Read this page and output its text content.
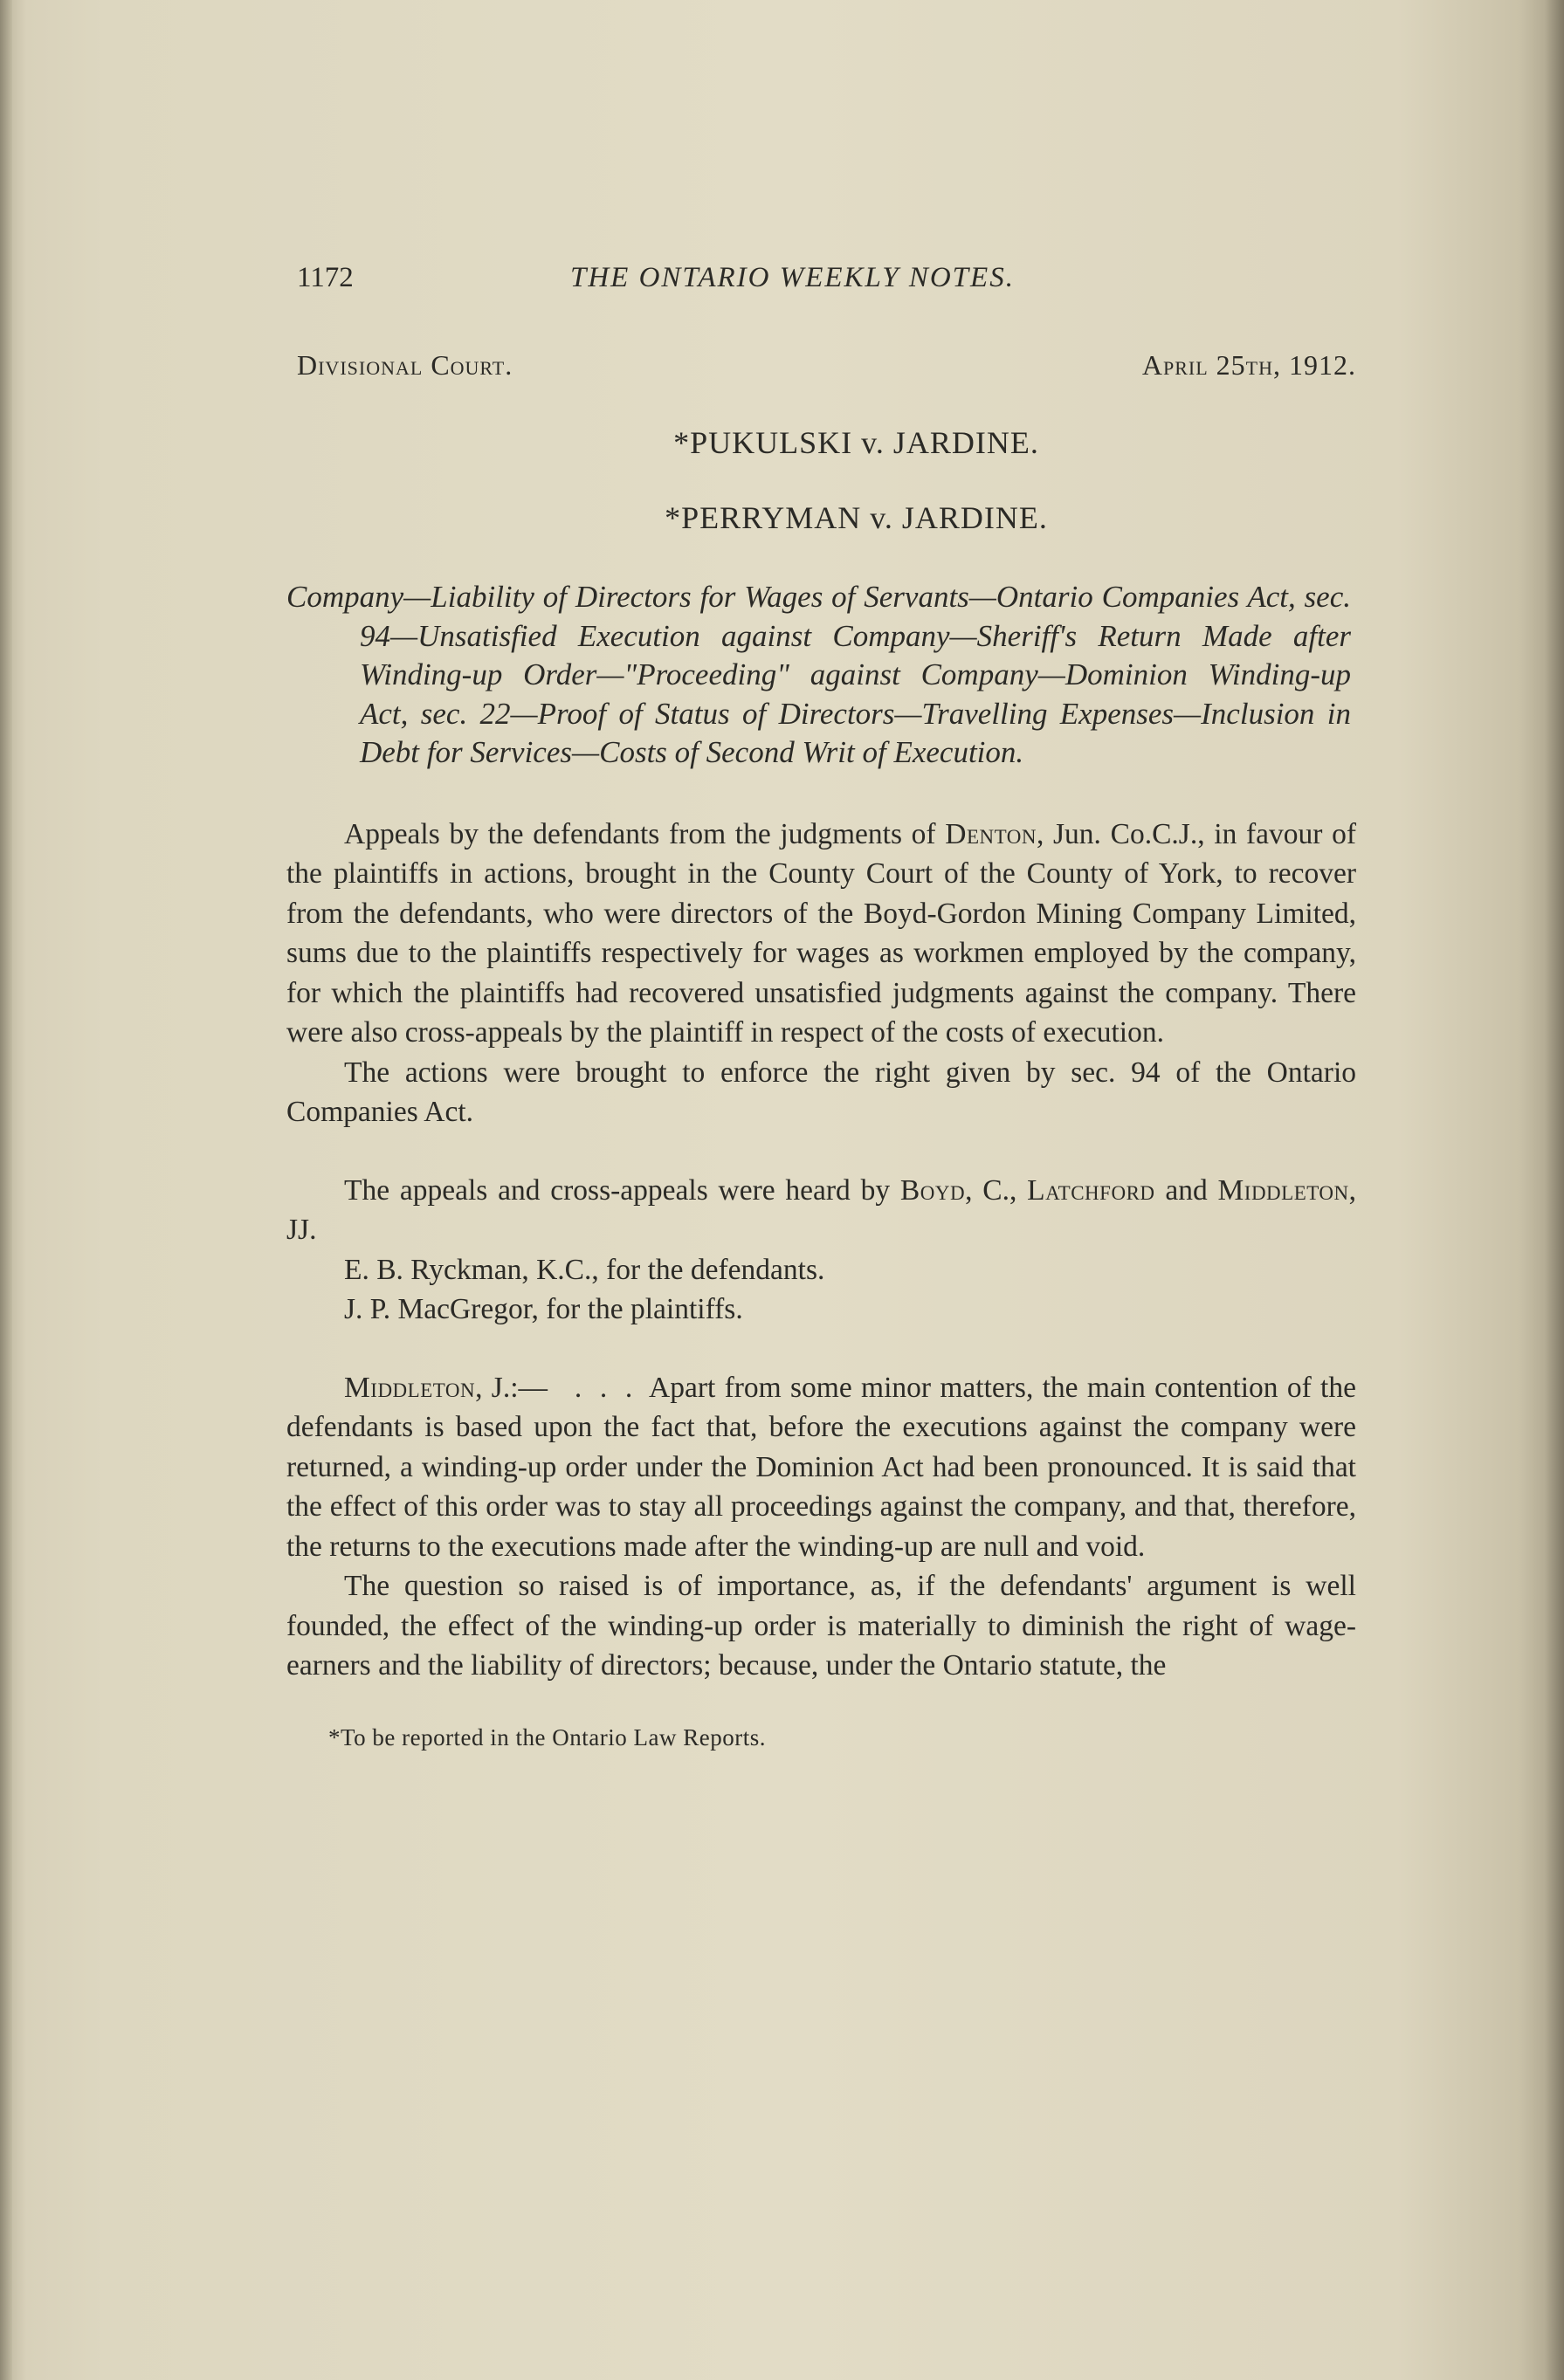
1172	THE ONTARIO WEEKLY NOTES.
Divisional Court.	April 25th, 1912.
*PUKULSKI v. JARDINE.
*PERRYMAN v. JARDINE.
Company—Liability of Directors for Wages of Servants—Ontario Companies Act, sec. 94—Unsatisfied Execution against Company—Sheriff's Return Made after Winding-up Order—"Proceeding" against Company—Dominion Winding-up Act, sec. 22—Proof of Status of Directors—Travelling Expenses—Inclusion in Debt for Services—Costs of Second Writ of Execution.

Appeals by the defendants from the judgments of Denton, Jun. Co.C.J., in favour of the plaintiffs in actions, brought in the County Court of the County of York, to recover from the defendants, who were directors of the Boyd-Gordon Mining Company Limited, sums due to the plaintiffs respectively for wages as workmen employed by the company, for which the plaintiffs had recovered unsatisfied judgments against the company. There were also cross-appeals by the plaintiff in respect of the costs of execution.

The actions were brought to enforce the right given by sec. 94 of the Ontario Companies Act.

The appeals and cross-appeals were heard by Boyd, C., Latchford and Middleton, JJ.

E. B. Ryckman, K.C., for the defendants.

J. P. MacGregor, for the plaintiffs.

Middleton, J.:—   .  .  .  Apart from some minor matters, the main contention of the defendants is based upon the fact that, before the executions against the company were returned, a winding-up order under the Dominion Act had been pronounced. It is said that the effect of this order was to stay all proceedings against the company, and that, therefore, the returns to the executions made after the winding-up are null and void.

The question so raised is of importance, as, if the defendants' argument is well founded, the effect of the winding-up order is materially to diminish the right of wage-earners and the liability of directors; because, under the Ontario statute, the

*To be reported in the Ontario Law Reports.
